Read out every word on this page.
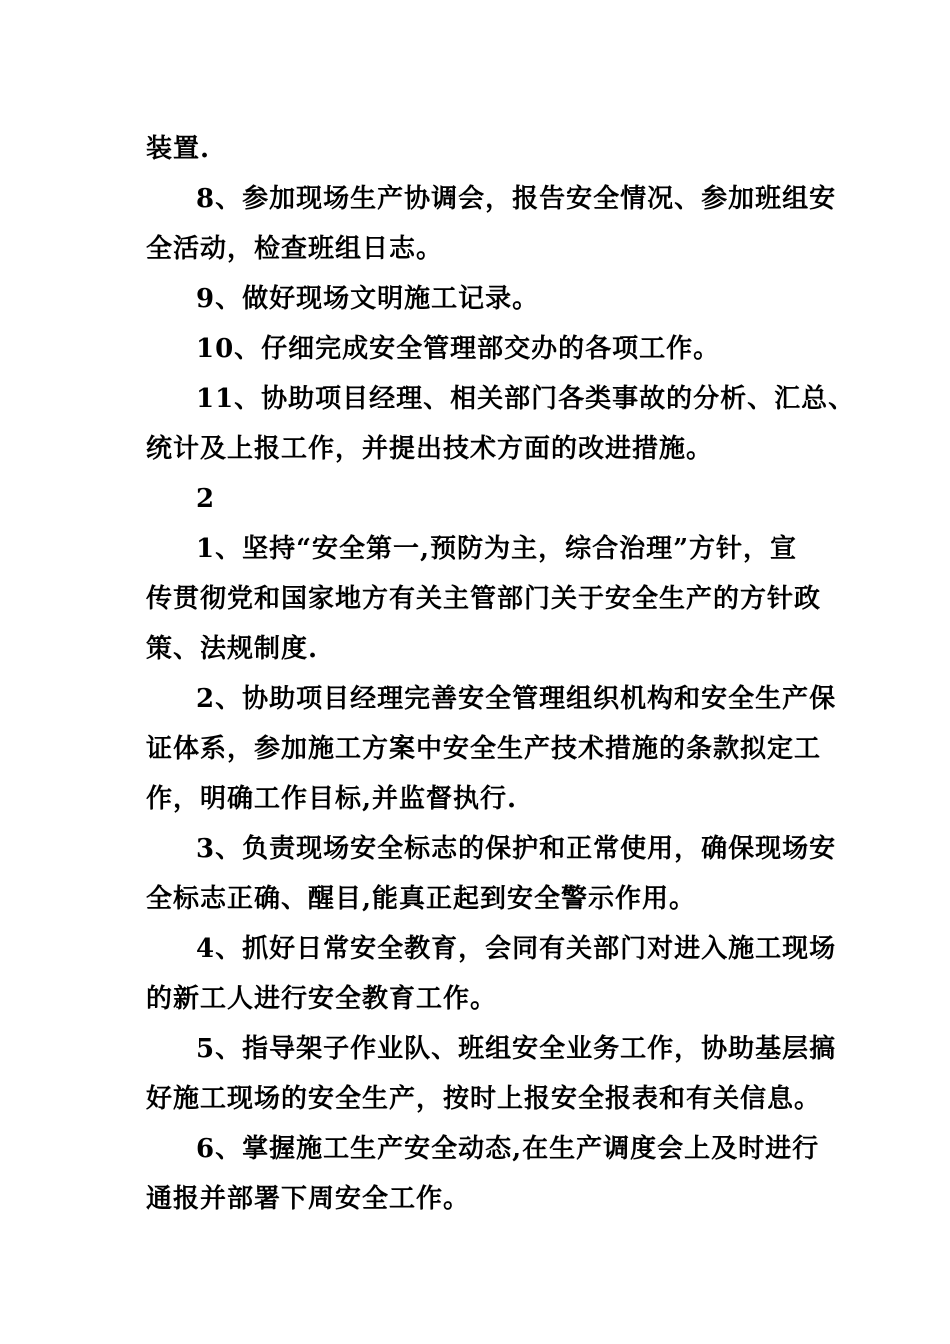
装置.
8、参加现场生产协调会，报告安全情况、参加班组安
全活动，检查班组日志。
9、做好现场文明施工记录。
10、仔细完成安全管理部交办的各项工作。
11、协助项目经理、相关部门各类事故的分析、汇总、
统计及上报工作，并提出技术方面的改进措施。
2
1、坚持“安全第一,预防为主，综合治理”方针，宣
传贯彻党和国家地方有关主管部门关于安全生产的方针政
策、法规制度.
2、协助项目经理完善安全管理组织机构和安全生产保
证体系，参加施工方案中安全生产技术措施的条款拟定工
作，明确工作目标,并监督执行.
3、负责现场安全标志的保护和正常使用，确保现场安
全标志正确、醒目,能真正起到安全警示作用。
4、抓好日常安全教育，会同有关部门对进入施工现场
的新工人进行安全教育工作。
5、指导架子作业队、班组安全业务工作，协助基层搞
好施工现场的安全生产，按时上报安全报表和有关信息。
6、掌握施工生产安全动态,在生产调度会上及时进行
通报并部署下周安全工作。
